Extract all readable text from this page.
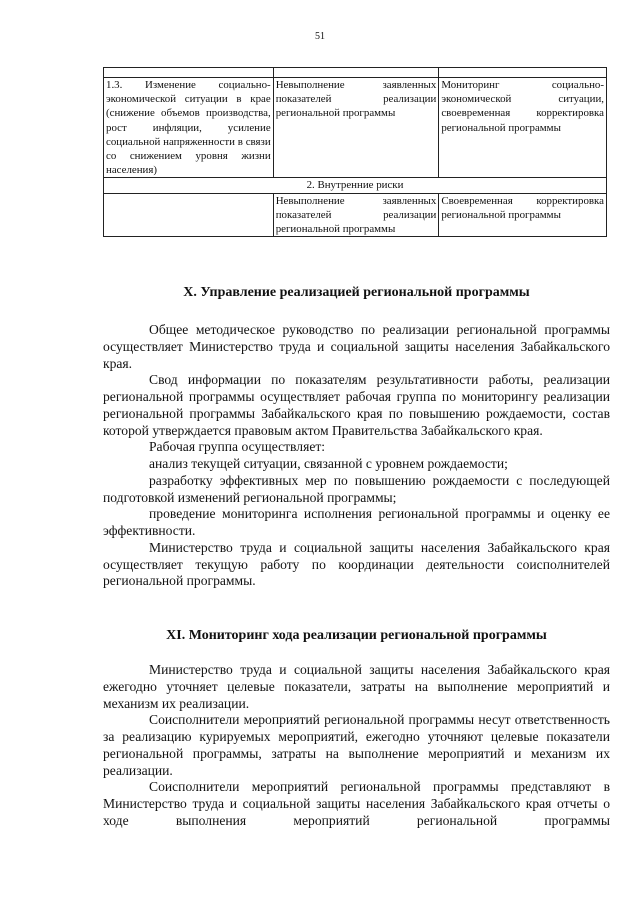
51

1.3. Изменение социально-экономической ситуации в крае (снижение объемов производства, рост инфляции, усиление социальной напряженности в связи со снижением уровня жизни населения)	Невыполнение заявленных показателей реализации региональной программы	Мониторинг социально-экономической ситуации, своевременная корректировка региональной программы
2. Внутренние риски		
	Невыполнение заявленных показателей реализации региональной программы	Своевременная корректировка региональной программы
X. Управление реализацией региональной программы

Общее методическое руководство по реализации региональной программы осуществляет Министерство труда и социальной защиты населения Забайкальского края.

Свод информации по показателям результативности работы, реализации региональной программы осуществляет рабочая группа по мониторингу реализации региональной программы Забайкальского края по повышению рождаемости, состав которой утверждается правовым актом Правительства Забайкальского края.

Рабочая группа осуществляет:

анализ текущей ситуации, связанной с уровнем рождаемости;

разработку эффективных мер по повышению рождаемости с последующей подготовкой изменений региональной программы;

проведение мониторинга исполнения региональной программы и оценку ее эффективности.

Министерство труда и социальной защиты населения Забайкальского края осуществляет текущую работу по координации деятельности соисполнителей региональной программы.

XI. Мониторинг хода реализации региональной программы

Министерство труда и социальной защиты населения Забайкальского края ежегодно уточняет целевые показатели, затраты на выполнение мероприятий и механизм их реализации.

Соисполнители мероприятий региональной программы несут ответственность за реализацию курируемых мероприятий, ежегодно уточняют целевые показатели региональной программы, затраты на выполнение мероприятий и механизм их реализации.

Соисполнители мероприятий региональной программы представляют в Министерство труда и социальной защиты населения Забайкальского края отчеты о ходе выполнения мероприятий региональной программы
